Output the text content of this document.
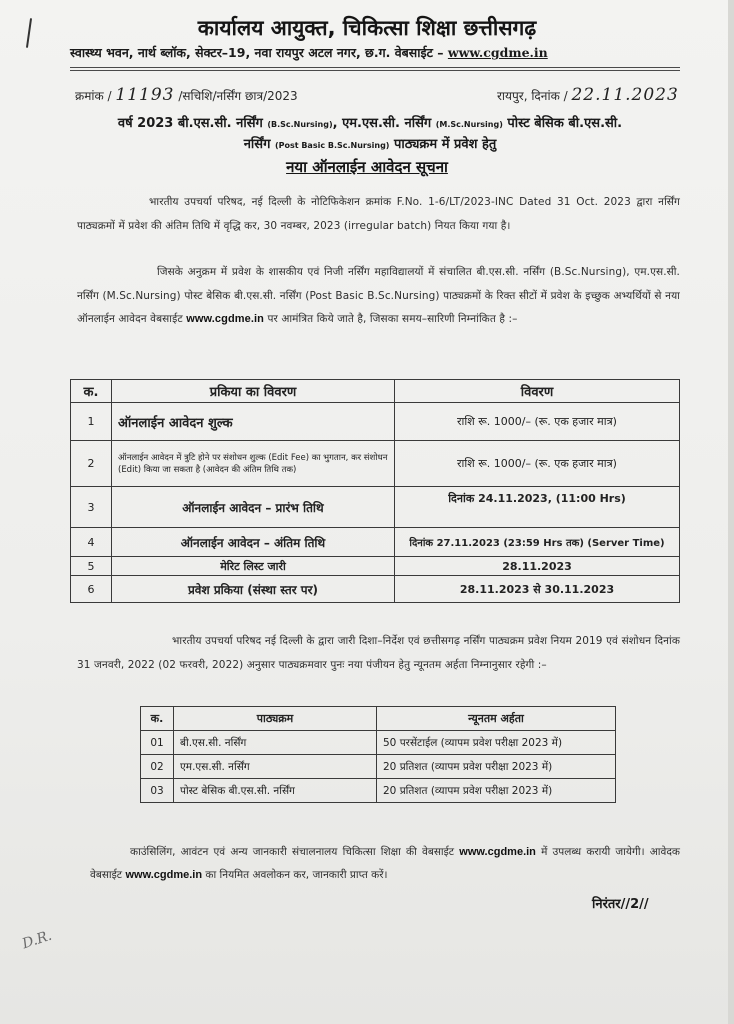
कार्यालय आयुक्त, चिकित्सा शिक्षा छत्तीसगढ़
स्वास्थ्य भवन, नार्थ ब्लॉक, सेक्टर–19, नवा रायपुर अटल नगर, छ.ग. वेबसाईट – www.cgdme.in
क्रमांक / 11193 /सचिशि/नर्सिंग छात्र/2023	रायपुर, दिनांक / 22.11.2023
वर्ष 2023 बी.एस.सी. नर्सिंग (B.Sc.Nursing), एम.एस.सी. नर्सिंग (M.Sc.Nursing) पोस्ट बेसिक बी.एस.सी.
नर्सिंग (Post Basic B.Sc.Nursing) पाठ्यक्रम में प्रवेश हेतु
नया ऑनलाईन आवेदन सूचना
भारतीय उपचर्या परिषद, नई दिल्ली के नोटिफिकेशन क्रमांक F.No. 1-6/LT/2023-INC Dated 31 Oct. 2023 द्वारा नर्सिंग पाठ्यक्रमों में प्रवेश की अंतिम तिथि में वृद्धि कर, 30 नवम्बर, 2023 (irregular batch) नियत किया गया है।
जिसके अनुक्रम में प्रवेश के शासकीय एवं निजी नर्सिंग महाविद्यालयों में संचालित बी.एस.सी. नर्सिंग (B.Sc.Nursing), एम.एस.सी. नर्सिंग (M.Sc.Nursing) पोस्ट बेसिक बी.एस.सी. नर्सिंग (Post Basic B.Sc.Nursing) पाठ्यक्रमों के रिक्त सीटों में प्रवेश के इच्छुक अभ्यर्थियों से नया ऑनलाईन आवेदन वेबसाईट www.cgdme.in पर आमंत्रित किये जाते है, जिसका समय–सारिणी निम्नांकित है :–
क.	प्रकिया का विवरण	विवरण
1	ऑनलाईन आवेदन शुल्क	राशि रू. 1000/– (रू. एक हजार मात्र)
2	ऑनलाईन आवेदन में त्रुटि होने पर संशोधन शुल्क (Edit Fee) का भुगतान, कर संशोधन (Edit) किया जा सकता है (आवेदन की अंतिम तिथि तक)	राशि रू. 1000/– (रू. एक हजार मात्र)
3	ऑनलाईन आवेदन – प्रारंभ तिथि	दिनांक 24.11.2023, (11:00 Hrs)
4	ऑनलाईन आवेदन – अंतिम तिथि	दिनांक 27.11.2023 (23:59 Hrs तक) (Server Time)
5	मेरिट लिस्ट जारी	28.11.2023
6	प्रवेश प्रकिया (संस्था स्तर पर)	28.11.2023 से 30.11.2023
भारतीय उपचर्या परिषद नई दिल्ली के द्वारा जारी दिशा–निर्देश एवं छत्तीसगढ़ नर्सिंग पाठ्यक्रम प्रवेश नियम 2019 एवं संशोधन दिनांक 31 जनवरी, 2022 (02 फरवरी, 2022) अनुसार पाठ्यक्रमवार पुनः नया पंजीयन हेतु न्यूनतम अर्हता निम्नानुसार रहेगी :–
क.	पाठ्यक्रम	न्यूनतम अर्हता
01	बी.एस.सी. नर्सिंग	50 परसेंटाईल (व्यापम प्रवेश परीक्षा 2023 में)
02	एम.एस.सी. नर्सिंग	20 प्रतिशत (व्यापम प्रवेश परीक्षा 2023 में)
03	पोस्ट बेसिक बी.एस.सी. नर्सिंग	20 प्रतिशत (व्यापम प्रवेश परीक्षा 2023 में)
काउंसिलिंग, आवंटन एवं अन्य जानकारी संचालनालय चिकित्सा शिक्षा की वेबसाईट www.cgdme.in में उपलब्ध करायी जायेगी। आवेदक वेबसाईट www.cgdme.in का नियमित अवलोकन कर, जानकारी प्राप्त करें।
निरंतर//2//
D.R.
